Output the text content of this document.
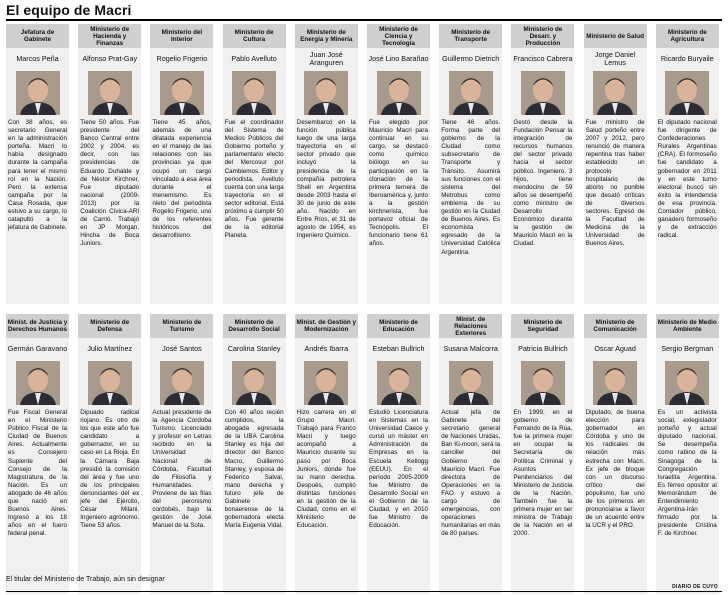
El equipo de Macri
Jefatura de Gabinete
Marcos Peña
Con 38 años, es secretario General en la administración porteña. Macri lo había designado durante la campaña para tener el mismo rol en la Nación. Pero la extensa campaña por la Casa Rosada, que estuvo a su cargo, lo catapultó a la jefatura de Gabinete.
Ministerio de Hacienda y Finanzas
Alfonso Prat-Gay
Tiene 50 años. Fue presidente del Banco Central entre 2002 y 2004, es decir, con las presidencias de Eduardo Duhalde y de Néstor Kirchner. Fue diputado nacional (2009-2013) por la Coalición Cívica-ARI de Carrió. Trabajó en JP Morgan. Hincha de Boca Juniors.
Ministerio del Interior
Rogelio Frigerio
Tiene 45 años, además de una dilatada experiencia en el manejo de las relaciones con las provincias ya que ocupó un cargo vinculado a esa área durante el menemismo. Es nieto del periodista Rogelio Frigerio, uno de los referentes históricos del desarrollismo.
Ministerio de Cultura
Pablo Avelluto
Fue el coordinador del Sistema de Medios Públicos del Gobierno porteño y parlamentario electo del Mercosur por Cambiemos. Editor y periodista, Avelluto cuenta con una larga trayectoria en el sector editorial. Está próximo a cumplir 50 años. Fue gerente de la editorial Planeta.
Ministerio de Energía y Minería
Juan José Aranguren
Desembarcó en la función pública luego de una larga trayectoria en el sector privado que incluyó la presidencia de la compañía petrolera Shell en Argentina desde 2003 hasta el 30 de junio de este año. Nacido en Entre Ríos, el 31 de agosto de 1954, es Ingeniero Químico.
Ministerio de Ciencia y Tecnología
José Lino Barañao
Fue elegido por Mauricio Macri para continuar en su cargo, se destacó como químico biólogo en su participación en la clonación de la primera ternera de Iberoamérica y, junto a la gestión kirchnerista, fue portavoz oficial de Tecnópolis. El funcionario tiene 61 años.
Ministerio de Transporte
Guillermo Dietrich
Tiene 46 años. Forma parte del gobierno de la Ciudad como subsecretario de Transporte y Tránsito. Asumirá sus funciones con el sistema del Metrobus como emblema de su gestión en la Ciudad de Buenos Aires. Es economista egresado de la Universidad Católica Argentina.
Ministerio de Desarr. y Producción
Francisco Cabrera
Gestó desde la Fundación Pensar la integración de recursos humanos del sector privado hacia el sector público. Ingeniero, 3 hijos, tiene mendocino de 59 años se desempeñó como ministro de Desarrollo Económico durante la gestión de Mauricio Macri en la Ciudad.
Ministerio de Salud
Jorge Daniel Lemus
Fue ministro de Salud porteño entre 2007 y 2012, pero renunció de manera repentina tras haber establecido un protocolo hospitalario de aborto no punible que desató críticas de diversos sectores. Egresó de la Facultad de Medicina de la Universidad de Buenos Aires.
Ministerio de Agricultura
Ricardo Buryaile
El diputado nacional fue dirigente de Confederaciones Rurales Argentinas (CRA). El formoseño fue candidato a gobernador en 2011 y en este turno electoral buscó sin éxito la intendencia de esa provincia. Contador público, ganadero formoseño y de extracción radical.
Minist. de Justicia y Derechos Humanos
Germán Garavano
Fue Fiscal General en el Ministerio Público Fiscal de la Ciudad de Buenos Aires. Actualmente es Consejero Suplente del Consejo de la Magistratura de la Nación. Es un abogado de 46 años que nació en Buenos Aires. Ingresó a los 18 años en el fuero federal penal.
Ministerio de Defensa
Julio Martínez
Dipuado radical riojano. Es otro de los que este año fue candidato a gobernador, en su caso en La Rioja. En la Cámara Baja presidió la comisión del área y fue uno de los principales denunciantes del ex jefe del Ejército, César Milani. Ingeniero agrónomo. Tiene 53 años.
Ministerio de Turismo
José Santos
Actual presidente de la Agencia Córdoba Turismo. Licenciado y profesor en Letras recibido en la Universidad Nacional de Córdoba, Facultad de Filosofía y Humanidades. Proviene de las filas del peronismo cordobés, bajo la gestión de José Manuel de la Sota.
Ministerio de Desarrollo Social
Carolina Stanley
Con 40 años recién cumplidos, la abogada egresada de la UBA Carolina Stanley es hija del director del Banco Macro, Guillermo Stanley, y esposa de Federico Salvai, mano derecha y futuro jefe de Gabinete bonaerense de la gobernadora electa María Eugenia Vidal.
Minist. de Gestión y Modernización
Andrés Ibarra
Hizo carrera en el Grupo Macri. Trabajó para Franco Macri y luego acompañó a Mauricio durante su paso por Boca Juniors, donde fue su mano derecha. Después, cumplió distintas funciones en la gestión de la Ciudad, como en el Ministerio de Educación.
Ministerio de Educación
Esteban Bullrich
Estudió Licenciatura en Sistemas en la Universidad Caece y cursó un máster en Administración de Empresas en la Escuela Kellogg (EEUU). En el período 2005-2009 fue Ministro de Desarrollo Social en el Gobierno de la Ciudad, y en 2010 fue Ministro de Educación.
Minist. de Relaciones Exteriores
Susana Malcorra
Actual jefa de Gabinete del secretario general de Naciones Unidas, Ban Ki-moon, será la canciller del Gobierno de Mauricio Macri. Fue directora de Operaciones en la FAO y estuvo a cargo de emergencias, con operaciones humanitarias en más de 80 países.
Ministerio de Seguridad
Patricia Bullrich
En 1999, en el gobierno de Fernando de la Rúa, fue la primera mujer en ocupar la Secretaría de Política Criminal y Asuntos Penitenciarios del Ministerio de Justicia de la Nación. También fue la primera mujer en ser ministra de Trabajo de la Nación en el 2000.
Ministerio de Comunicación
Oscar Aguad
Diputado, de buena elección para gobernador en Córdoba y uno de los radicales de relación más estrecha con Macri. Ex jefe de bloque con un discurso crítico del populismo, fue uno de los primeros en pronunciarse a favor de un acuerdo entre la UCR y el PRO.
Ministerio de Medio Ambiente
Sergio Bergman
Es un activista social, exlegislador porteño y actual diputado nacional. Se desempeña como rabino de la Sinagoga de la Congregación Israelita Argentina. Es férreo opositor al Memorándum de Entendimiento Argentina-Irán firmado por la presidente Cristina F. de Kirchner.
El titular del Ministerio de Trabajo, aún sin designar
DIARIO DE CUYO
